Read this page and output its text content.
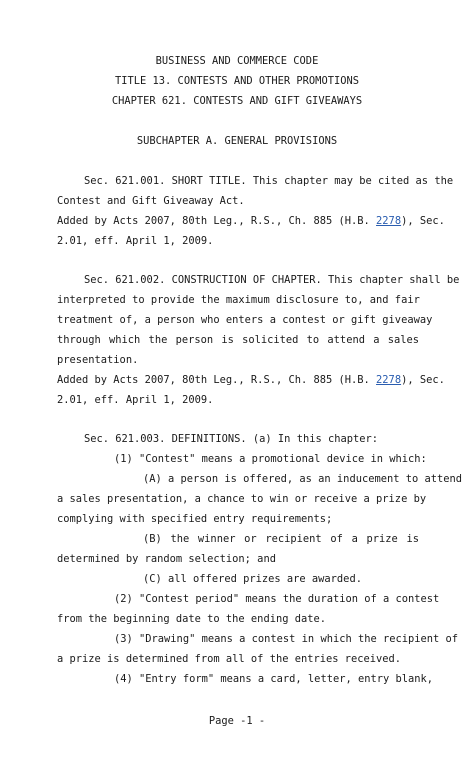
BUSINESS AND COMMERCE CODE
TITLE 13. CONTESTS AND OTHER PROMOTIONS
CHAPTER 621. CONTESTS AND GIFT GIVEAWAYS
SUBCHAPTER A. GENERAL PROVISIONS
Sec. 621.001. SHORT TITLE. This chapter may be cited as the
Contest and Gift Giveaway Act.
Added by Acts 2007, 80th Leg., R.S., Ch. 885 (H.B. 2278), Sec.
2.01, eff. April 1, 2009.
Sec. 621.002. CONSTRUCTION OF CHAPTER. This chapter shall be
interpreted to provide the maximum disclosure to, and fair
treatment of, a person who enters a contest or gift giveaway
through which the person is solicited to attend a sales
presentation.
Added by Acts 2007, 80th Leg., R.S., Ch. 885 (H.B. 2278), Sec.
2.01, eff. April 1, 2009.
Sec. 621.003. DEFINITIONS. (a) In this chapter:
(1) "Contest" means a promotional device in which:
(A) a person is offered, as an inducement to attend
a sales presentation, a chance to win or receive a prize by
complying with specified entry requirements;
(B) the winner or recipient of a prize is
determined by random selection; and
(C) all offered prizes are awarded.
(2) "Contest period" means the duration of a contest
from the beginning date to the ending date.
(3) "Drawing" means a contest in which the recipient of
a prize is determined from all of the entries received.
(4) "Entry form" means a card, letter, entry blank,
Page -1 -
